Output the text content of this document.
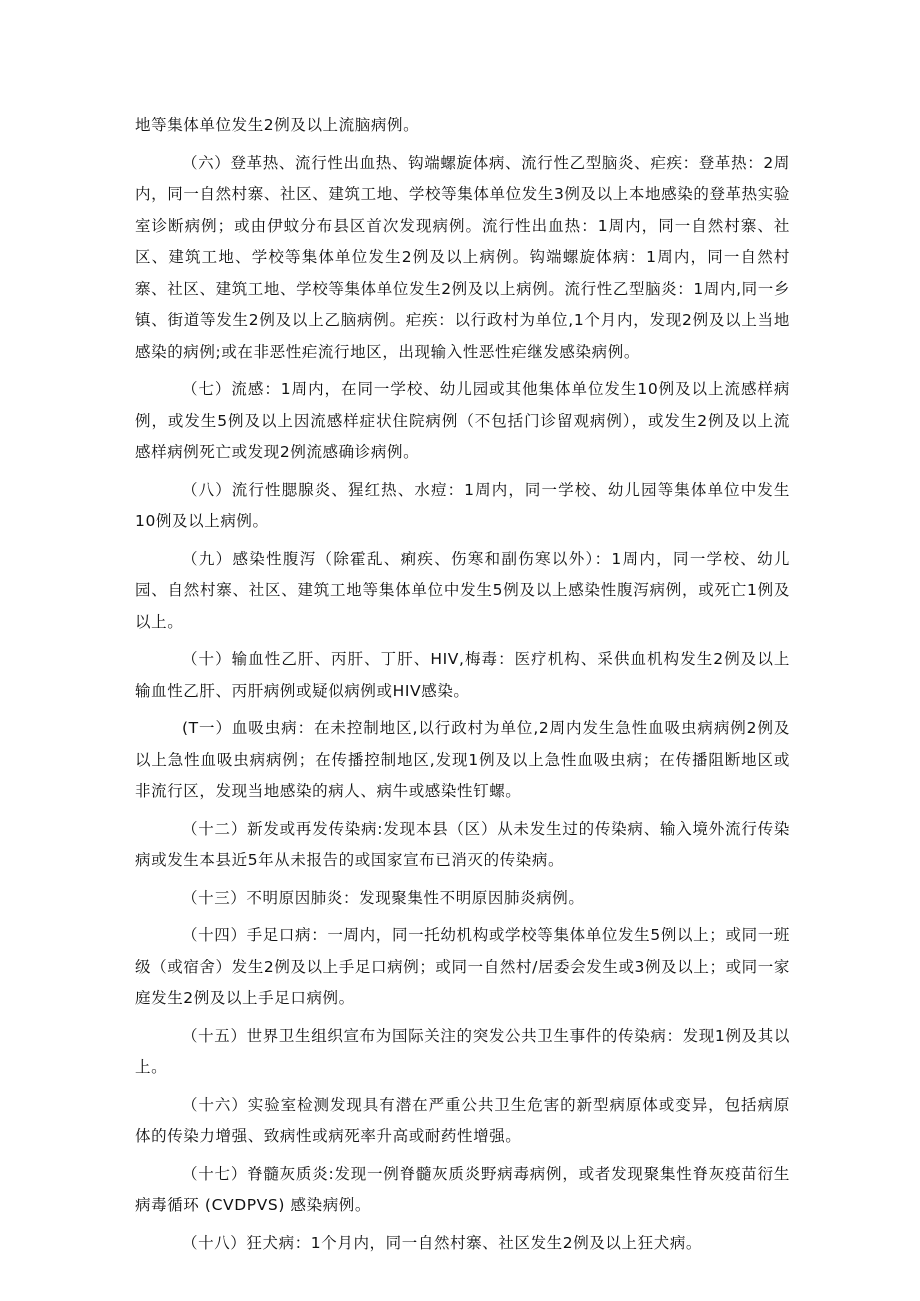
地等集体单位发生2例及以上流脑病例。

（六）登革热、流行性出血热、钩端螺旋体病、流行性乙型脑炎、疟疾：登革热：2周内，同一自然村寨、社区、建筑工地、学校等集体单位发生3例及以上本地感染的登革热实验室诊断病例；或由伊蚊分布县区首次发现病例。流行性出血热：1周内，同一自然村寨、社区、建筑工地、学校等集体单位发生2例及以上病例。钩端螺旋体病：1周内，同一自然村寨、社区、建筑工地、学校等集体单位发生2例及以上病例。流行性乙型脑炎：1周内,同一乡镇、街道等发生2例及以上乙脑病例。疟疾：以行政村为单位,1个月内，发现2例及以上当地感染的病例;或在非恶性疟流行地区，出现输入性恶性疟继发感染病例。

（七）流感：1周内，在同一学校、幼儿园或其他集体单位发生10例及以上流感样病例，或发生5例及以上因流感样症状住院病例（不包括门诊留观病例），或发生2例及以上流感样病例死亡或发现2例流感确诊病例。

（八）流行性腮腺炎、猩红热、水痘：1周内，同一学校、幼儿园等集体单位中发生10例及以上病例。

（九）感染性腹泻（除霍乱、痢疾、伤寒和副伤寒以外）：1周内，同一学校、幼儿园、自然村寨、社区、建筑工地等集体单位中发生5例及以上感染性腹泻病例，或死亡1例及以上。

（十）输血性乙肝、丙肝、丁肝、HIV,梅毒：医疗机构、采供血机构发生2例及以上输血性乙肝、丙肝病例或疑似病例或HIV感染。

(T一）血吸虫病：在未控制地区,以行政村为单位,2周内发生急性血吸虫病病例2例及以上急性血吸虫病病例；在传播控制地区,发现1例及以上急性血吸虫病；在传播阻断地区或非流行区，发现当地感染的病人、病牛或感染性钉螺。

（十二）新发或再发传染病:发现本县（区）从未发生过的传染病、输入境外流行传染病或发生本县近5年从未报告的或国家宣布已消灭的传染病。

（十三）不明原因肺炎：发现聚集性不明原因肺炎病例。

（十四）手足口病：一周内，同一托幼机构或学校等集体单位发生5例以上；或同一班级（或宿舍）发生2例及以上手足口病例；或同一自然村/居委会发生或3例及以上；或同一家庭发生2例及以上手足口病例。

（十五）世界卫生组织宣布为国际关注的突发公共卫生事件的传染病：发现1例及其以上。

（十六）实验室检测发现具有潜在严重公共卫生危害的新型病原体或变异，包括病原体的传染力增强、致病性或病死率升高或耐药性增强。

（十七）脊髓灰质炎:发现一例脊髓灰质炎野病毒病例，或者发现聚集性脊灰疫苗衍生病毒循环 (CVDPVS) 感染病例。

（十八）狂犬病：1个月内，同一自然村寨、社区发生2例及以上狂犬病。
